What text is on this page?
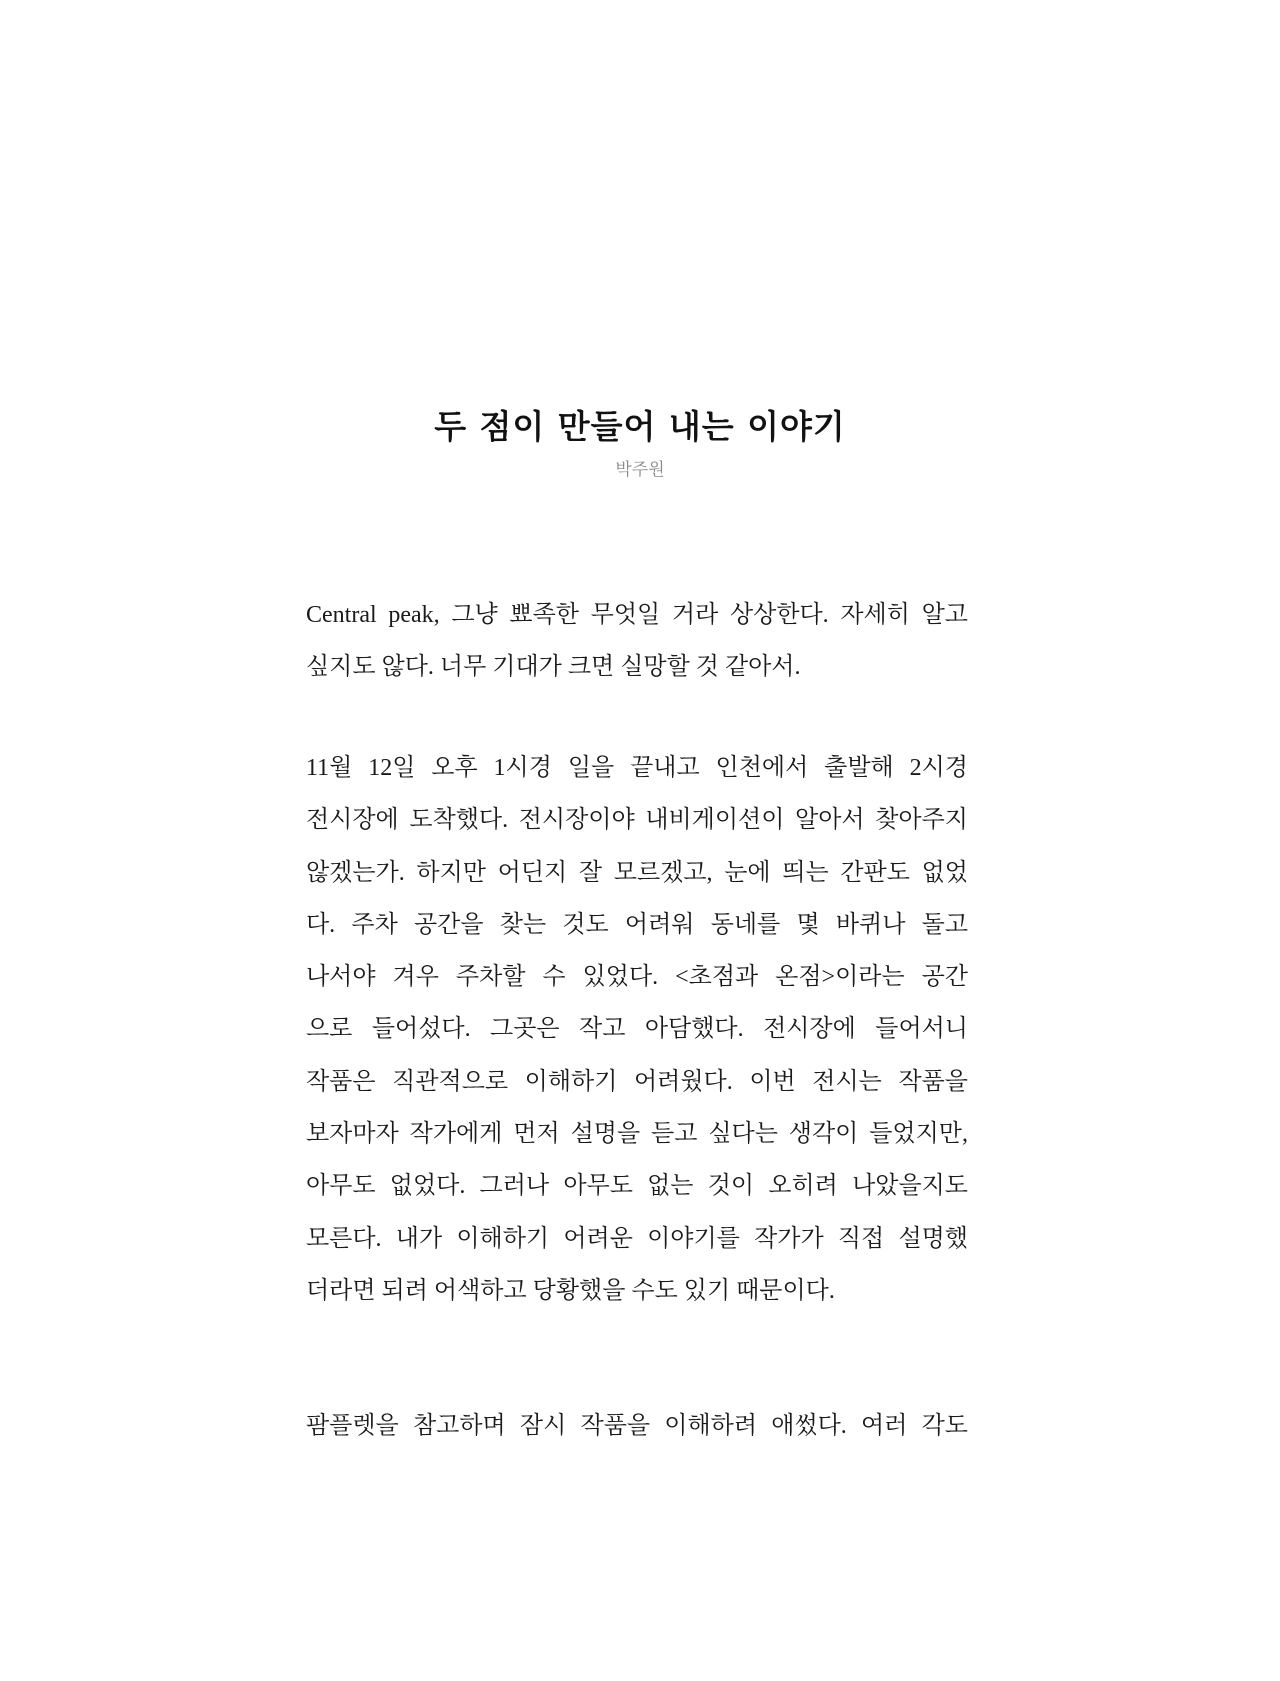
두 점이 만들어 내는 이야기
박주원
Central peak, 그냥 뾰족한 무엇일 거라 상상한다. 자세히 알고
싶지도 않다. 너무 기대가 크면 실망할 것 같아서.
11월 12일 오후 1시경 일을 끝내고 인천에서 출발해 2시경
전시장에 도착했다. 전시장이야 내비게이션이 알아서 찾아주지
않겠는가. 하지만 어딘지 잘 모르겠고, 눈에 띄는 간판도 없었
다. 주차 공간을 찾는 것도 어려워 동네를 몇 바퀴나 돌고
나서야 겨우 주차할 수 있었다. <초점과 온점>이라는 공간
으로 들어섰다. 그곳은 작고 아담했다. 전시장에 들어서니
작품은 직관적으로 이해하기 어려웠다. 이번 전시는 작품을
보자마자 작가에게 먼저 설명을 듣고 싶다는 생각이 들었지만,
아무도 없었다. 그러나 아무도 없는 것이 오히려 나았을지도
모른다. 내가 이해하기 어려운 이야기를 작가가 직접 설명했
더라면 되려 어색하고 당황했을 수도 있기 때문이다.
팜플렛을 참고하며 잠시 작품을 이해하려 애썼다. 여러 각도
